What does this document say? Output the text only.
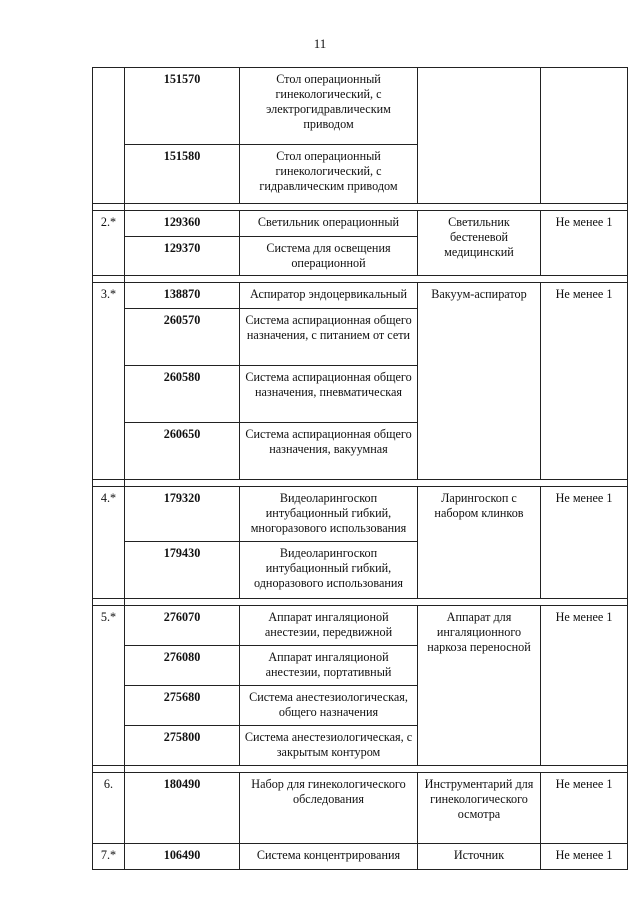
11
	151570	Стол операционный гинекологический, с электрогидравлическим приводом		
	151580	Стол операционный гинекологический, с гидравлическим приводом		

2.*	129360	Светильник операционный	Светильник бестеневой медицинский	Не менее 1
	129370	Система для освещения операционной		

3.*	138870	Аспиратор эндоцервикальный	Вакуум-аспиратор	Не менее 1
	260570	Система аспирационная общего назначения, с питанием от сети		
	260580	Система аспирационная общего назначения, пневматическая		
	260650	Система аспирационная общего назначения, вакуумная		

4.*	179320	Видеоларингоскоп интубационный гибкий, многоразового использования	Ларингоскоп с набором клинков	Не менее 1
	179430	Видеоларингоскоп интубационный гибкий, одноразового использования		

5.*	276070	Аппарат ингаляционой анестезии, передвижной	Аппарат для ингаляционного наркоза переносной	Не менее 1
	276080	Аппарат ингаляционой анестезии, портативный		
	275680	Система анестезиологическая, общего назначения		
	275800	Система анестезиологическая, с закрытым контуром		

6.	180490	Набор для гинекологического обследования	Инструментарий для гинекологического осмотра	Не менее 1
7.*	106490	Система концентрирования	Источник	Не менее 1
